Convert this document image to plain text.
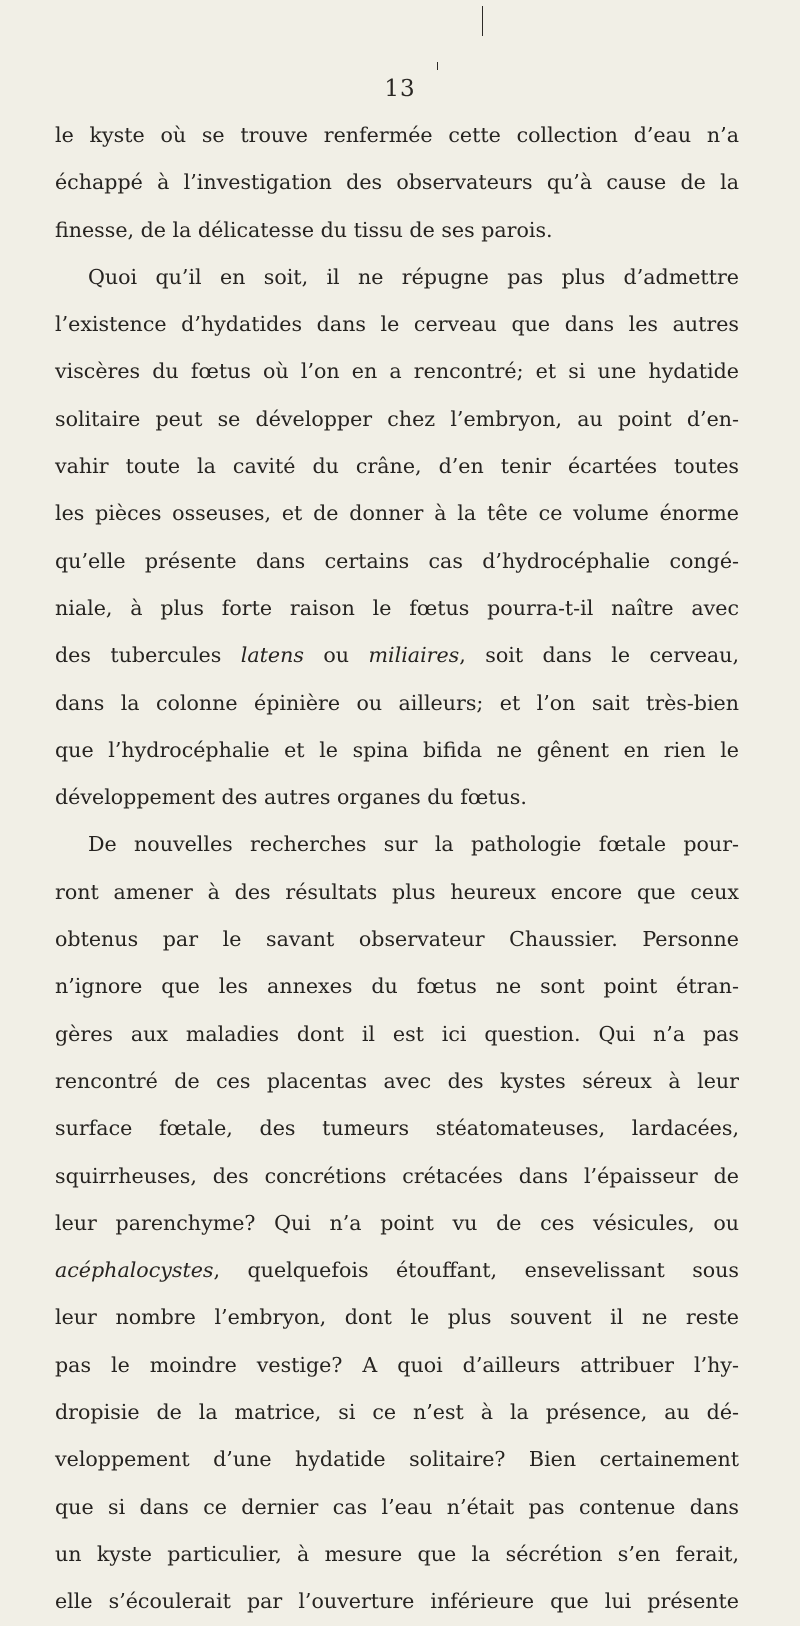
13
le kyste où se trouve renfermée cette collection d’eau n’a
échappé à l’investigation des observateurs qu’à cause de la
finesse, de la délicatesse du tissu de ses parois.
Quoi qu’il en soit, il ne répugne pas plus d’admettre
l’existence d’hydatides dans le cerveau que dans les autres
viscères du fœtus où l’on en a rencontré; et si une hydatide
solitaire peut se développer chez l’embryon, au point d’en-
vahir toute la cavité du crâne, d’en tenir écartées toutes
les pièces osseuses, et de donner à la tête ce volume énorme
qu’elle présente dans certains cas d’hydrocéphalie congé-
niale, à plus forte raison le fœtus pourra-t-il naître avec
des tubercules latens ou miliaires, soit dans le cerveau,
dans la colonne épinière ou ailleurs; et l’on sait très-bien
que l’hydrocéphalie et le spina bifida ne gênent en rien le
développement des autres organes du fœtus.
De nouvelles recherches sur la pathologie fœtale pour-
ront amener à des résultats plus heureux encore que ceux
obtenus par le savant observateur Chaussier. Personne
n’ignore que les annexes du fœtus ne sont point étran-
gères aux maladies dont il est ici question. Qui n’a pas
rencontré de ces placentas avec des kystes séreux à leur
surface fœtale, des tumeurs stéatomateuses, lardacées,
squirrheuses, des concrétions crétacées dans l’épaisseur de
leur parenchyme? Qui n’a point vu de ces vésicules, ou
acéphalocystes, quelquefois étouffant, ensevelissant sous
leur nombre l’embryon, dont le plus souvent il ne reste
pas le moindre vestige? A quoi d’ailleurs attribuer l’hy-
dropisie de la matrice, si ce n’est à la présence, au dé-
veloppement d’une hydatide solitaire? Bien certainement
que si dans ce dernier cas l’eau n’était pas contenue dans
un kyste particulier, à mesure que la sécrétion s’en ferait,
elle s’écoulerait par l’ouverture inférieure que lui présente
